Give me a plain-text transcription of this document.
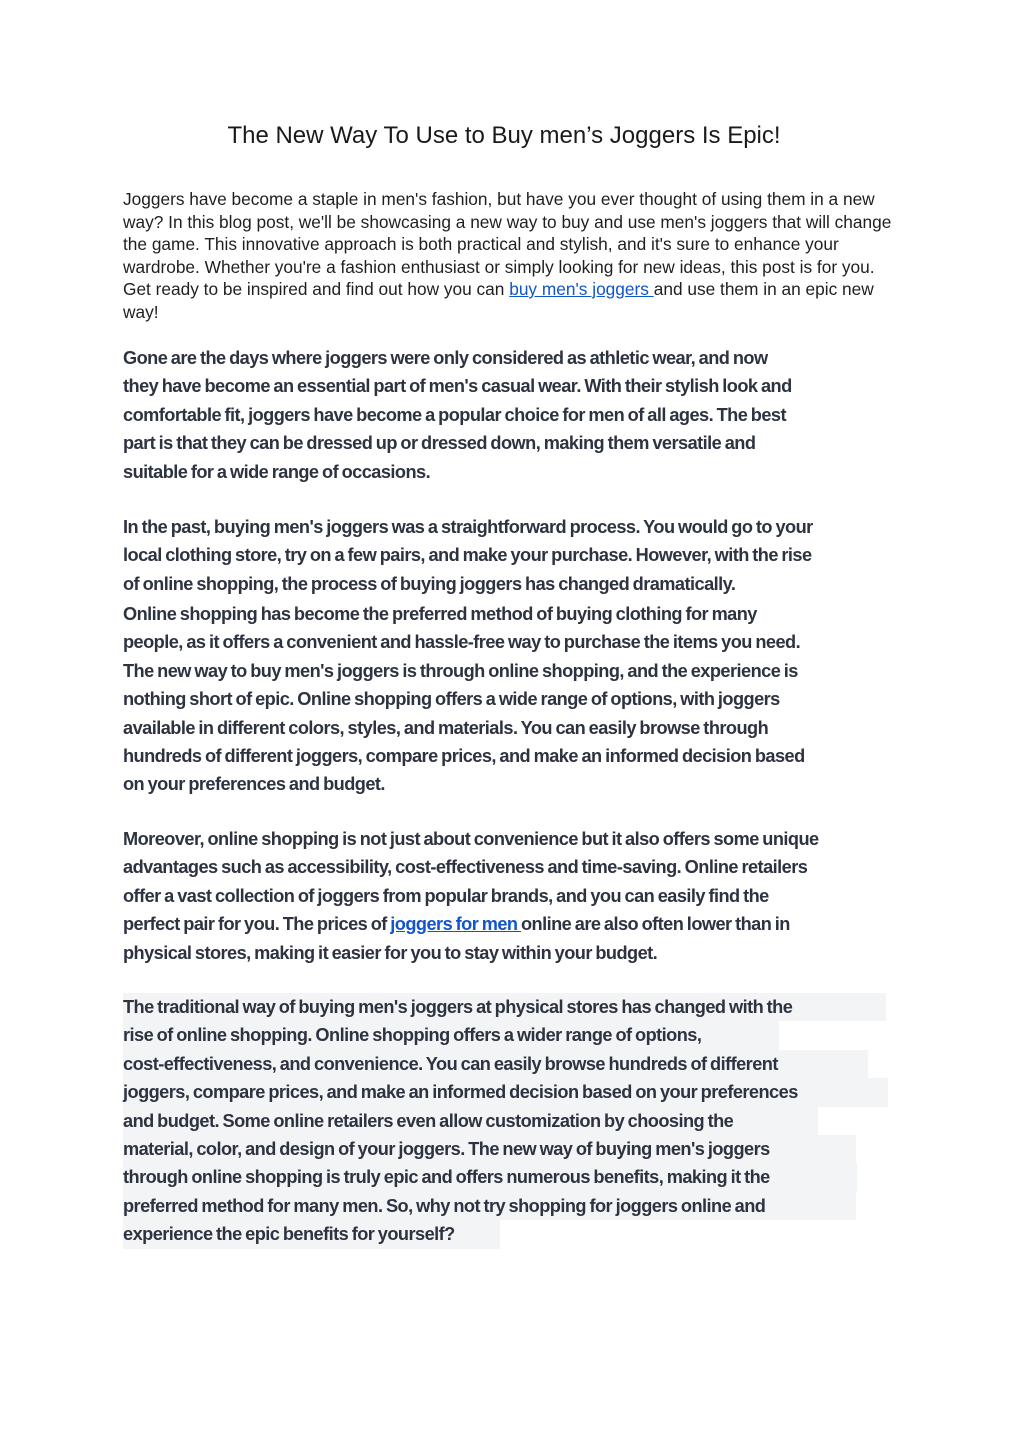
The New Way To Use to Buy men’s Joggers Is Epic!

Joggers have become a staple in men's fashion, but have you ever thought of using them in a new way? In this blog post, we'll be showcasing a new way to buy and use men's joggers that will change the game. This innovative approach is both practical and stylish, and it's sure to enhance your wardrobe. Whether you're a fashion enthusiast or simply looking for new ideas, this post is for you. Get ready to be inspired and find out how you can buy men's joggers and use them in an epic new way!

Gone are the days where joggers were only considered as athletic wear, and now
they have become an essential part of men's casual wear. With their stylish look and
comfortable fit, joggers have become a popular choice for men of all ages. The best
part is that they can be dressed up or dressed down, making them versatile and
suitable for a wide range of occasions.

In the past, buying men's joggers was a straightforward process. You would go to your
local clothing store, try on a few pairs, and make your purchase. However, with the rise
of online shopping, the process of buying joggers has changed dramatically.

Online shopping has become the preferred method of buying clothing for many
people, as it offers a convenient and hassle-free way to purchase the items you need.
The new way to buy men's joggers is through online shopping, and the experience is
nothing short of epic. Online shopping offers a wide range of options, with joggers
available in different colors, styles, and materials. You can easily browse through
hundreds of different joggers, compare prices, and make an informed decision based
on your preferences and budget.

Moreover, online shopping is not just about convenience but it also offers some unique
advantages such as accessibility, cost-effectiveness and time-saving. Online retailers
offer a vast collection of joggers from popular brands, and you can easily find the
perfect pair for you. The prices of joggers for men online are also often lower than in
physical stores, making it easier for you to stay within your budget.

The traditional way of buying men's joggers at physical stores has changed with the
rise of online shopping. Online shopping offers a wider range of options,
cost-effectiveness, and convenience. You can easily browse hundreds of different
joggers, compare prices, and make an informed decision based on your preferences
and budget. Some online retailers even allow customization by choosing the
material, color, and design of your joggers. The new way of buying men's joggers
through online shopping is truly epic and offers numerous benefits, making it the
preferred method for many men. So, why not try shopping for joggers online and
experience the epic benefits for yourself?
